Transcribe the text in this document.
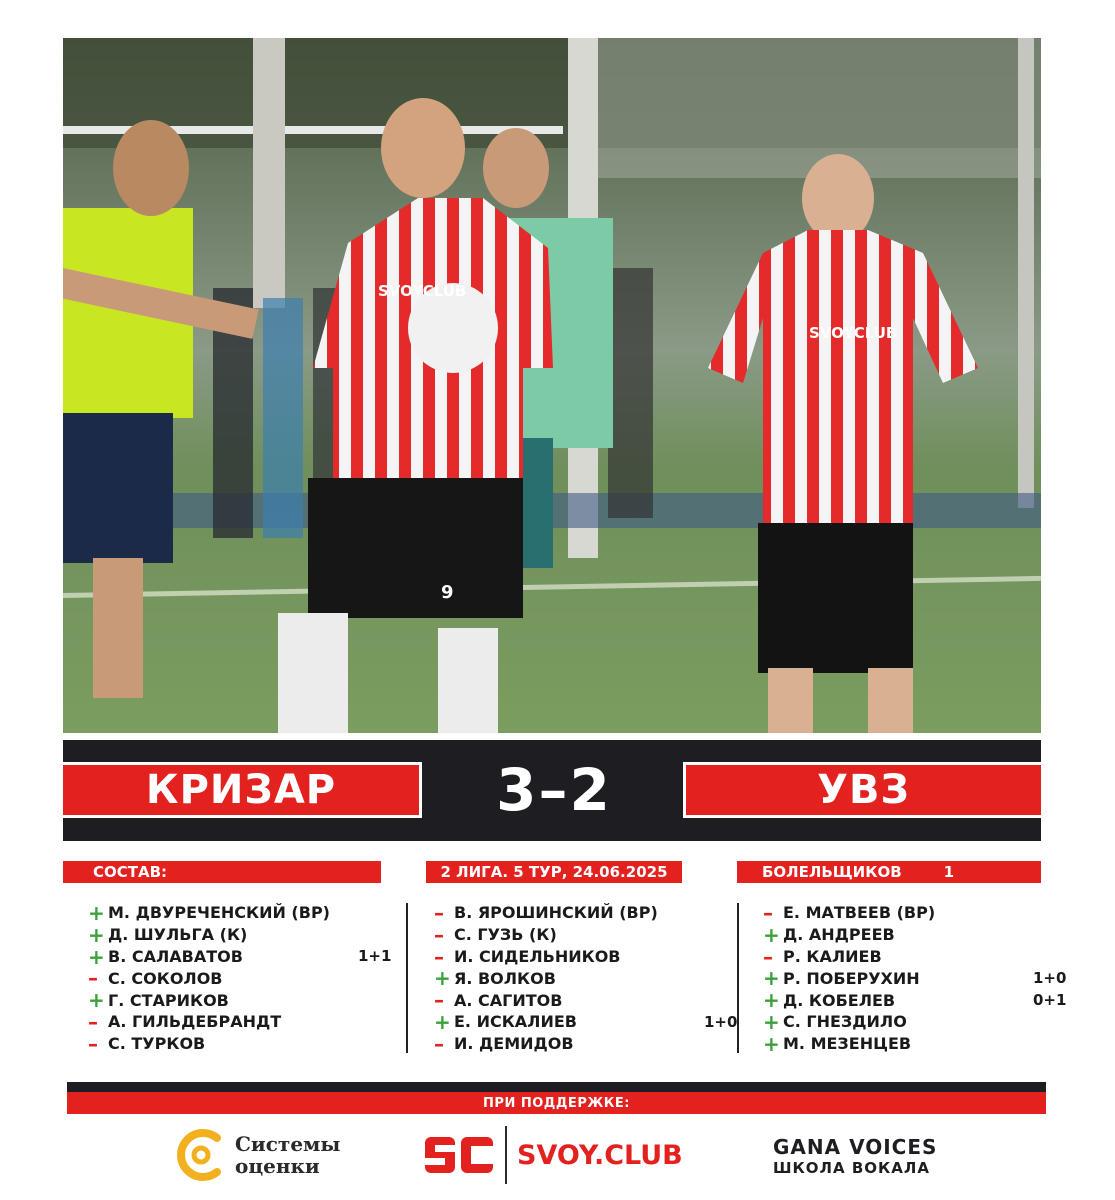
9
SVOYCLUB
SVOYCLUB
КРИЗАР	3–2	УВЗ
СОСТАВ:	2 ЛИГА. 5 ТУР, 24.06.2025	БОЛЕЛЬЩИКОВ	1
+ М. ДВУРЕЧЕНСКИЙ (ВР)
+ Д. ШУЛЬГА (К)
+ В. САЛАВАТОВ	1+1
– С. СОКОЛОВ
+ Г. СТАРИКОВ
– А. ГИЛЬДЕБРАНДТ
– С. ТУРКОВ
– В. ЯРОШИНСКИЙ (ВР)
– С. ГУЗЬ (К)
– И. СИДЕЛЬНИКОВ
+ Я. ВОЛКОВ
– А. САГИТОВ
+ Е. ИСКАЛИЕВ	1+0
– И. ДЕМИДОВ
– Е. МАТВЕЕВ (ВР)
+ Д. АНДРЕЕВ
– Р. КАЛИЕВ
+ Р. ПОБЕРУХИН	1+0
+ Д. КОБЕЛЕВ	0+1
+ С. ГНЕЗДИЛО
+ М. МЕЗЕНЦЕВ
ПРИ ПОДДЕРЖКЕ:
Системы
оценки	SVOY.CLUB	GANA VOICES
ШКОЛА ВОКАЛА
